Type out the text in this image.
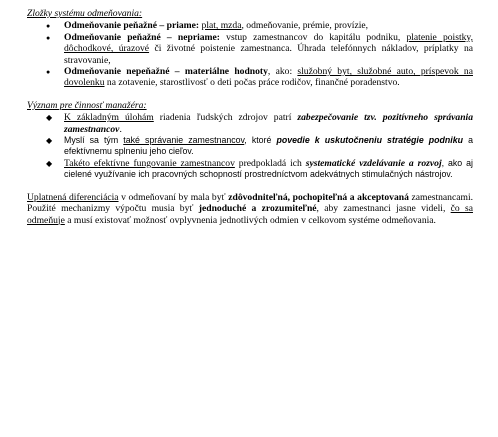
Zložky systému odmeňovania:
●
Odmeňovanie peňažné – priame: plat, mzda, odmeňovanie, prémie, provízie,
●
Odmeňovanie peňažné – nepriame: vstup zamestnancov do kapitálu podniku, platenie poistky, dôchodkové, úrazové či životné poistenie zamestnanca. Úhrada telefónnych nákladov, príplatky na stravovanie,
●
Odmeňovanie nepeňažné – materiálne hodnoty, ako: služobný byt, služobné auto, príspevok na dovolenku na zotavenie, starostlivosť o deti počas práce rodičov, finančné poradenstvo.
Význam pre činnosť manažéra:
◆
K základným úlohám riadenia ľudských zdrojov patrí zabezpečovanie tzv. pozitívneho správania zamestnancov.
◆
Myslí sa tým také správanie zamestnancov, ktoré povedie k uskutočneniu stratégie podniku a efektívnemu splneniu jeho cieľov.
◆
Takéto efektívne fungovanie zamestnancov predpokladá ich systematické vzdelávanie a rozvoj, ako aj cielené využívanie ich pracovných schopností prostredníctvom adekvátnych stimulačných nástrojov.

Uplatnená diferenciácia v odmeňovaní by mala byť zdôvodniteľná, pochopiteľná a akceptovaná zamestnancami. Použité mechanizmy výpočtu musia byť jednoduché a zrozumiteľné, aby zamestnanci jasne videli, čo sa odmeňuje a musí existovať možnosť ovplyvnenia jednotlivých odmien v celkovom systéme odmeňovania.
